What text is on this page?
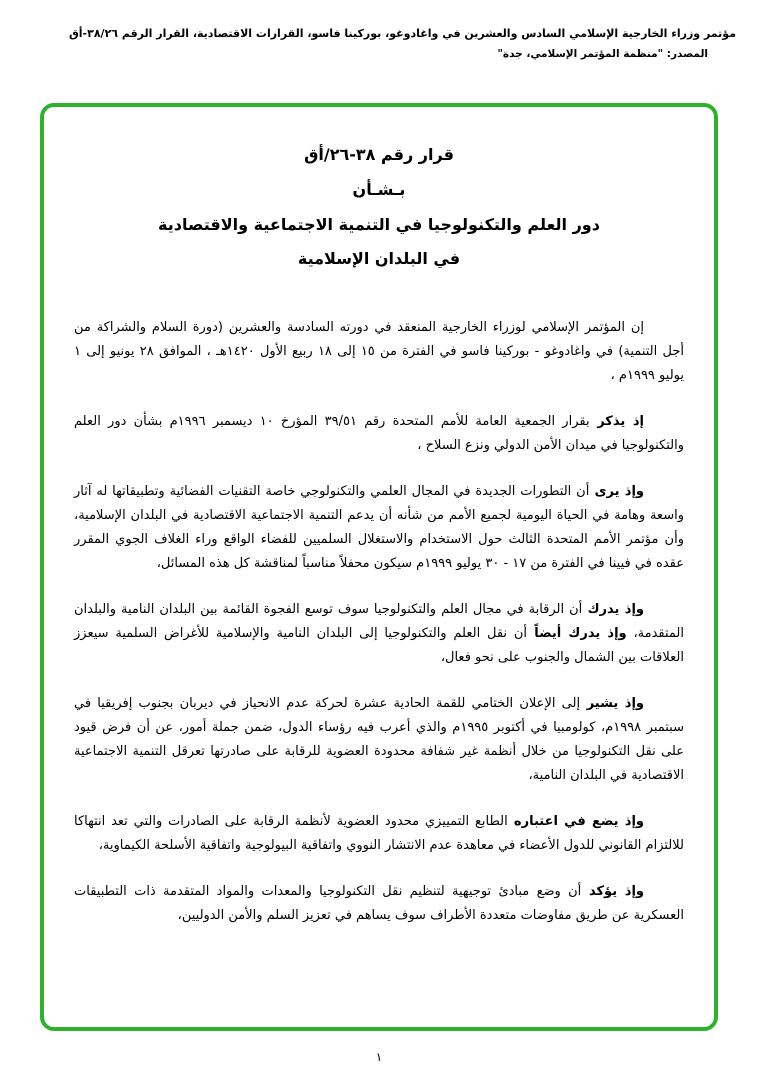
مؤتمر وزراء الخارجية الإسلامي السادس والعشرين في واغادوغو، بوركينا فاسو، القرارات الاقتصادية، القرار الرقم ٣٨/٢٦-أق
المصدر: "منظمة المؤتمر الإسلامي، جدة"
قرار رقم ٣٨-٢٦/أق
بـشـأن
دور العلم والتكنولوجيا في التنمية الاجتماعية والاقتصادية
في البلدان الإسلامية
إن المؤتمر الإسلامي لوزراء الخارجية المنعقد في دورته السادسة والعشرين (دورة السلام والشراكة من أجل التنمية) في واغادوغو - بوركينا فاسو في الفترة من ١٥ إلى ١٨ ربيع الأول ١٤٢٠هـ ، الموافق ٢٨ يونيو إلى ١ يوليو ١٩٩٩م ،
إذ يذكر بقرار الجمعية العامة للأمم المتحدة رقم ٣٩/٥١ المؤرخ ١٠ ديسمبر ١٩٩٦م بشأن دور العلم والتكنولوجيا في ميدان الأمن الدولي ونزع السلاح ،
وإذ يرى أن التطورات الجديدة في المجال العلمي والتكنولوجي خاصة التقنيات الفضائية وتطبيقاتها له آثار واسعة وهامة في الحياة اليومية لجميع الأمم من شأنه أن يدعم التنمية الاجتماعية الاقتصادية في البلدان الإسلامية، وأن مؤتمر الأمم المتحدة الثالث حول الاستخدام والاستغلال السلميين للفضاء الواقع وراء الغلاف الجوي المقرر عقده في فيينا في الفترة من ١٧ - ٣٠ يوليو ١٩٩٩م سيكون محفلاً مناسباً لمناقشة كل هذه المسائل،
وإذ يدرك أن الرقابة في مجال العلم والتكنولوجيا سوف توسع الفجوة القائمة بين البلدان النامية والبلدان المتقدمة، وإذ يدرك أيضاً أن نقل العلم والتكنولوجيا إلى البلدان النامية والإسلامية للأغراض السلمية سيعزز العلاقات بين الشمال والجنوب على نحو فعال،
وإذ يشير إلى الإعلان الختامي للقمة الحادية عشرة لحركة عدم الانحياز في ديربان بجنوب إفريقيا في سبتمبر ١٩٩٨م، كولومبيا في أكتوبر ١٩٩٥م والذي أعرب فيه رؤساء الدول، ضمن جملة أمور، عن أن فرض قيود على نقل التكنولوجيا من خلال أنظمة غير شفافة محدودة العضوية للرقابة على صادرتها تعرقل التنمية الاجتماعية الاقتصادية في البلدان النامية،
وإذ يضع في اعتباره الطابع التمييزي محدود العضوية لأنظمة الرقابة على الصادرات والتي تعد انتهاكا للالتزام القانوني للدول الأعضاء في معاهدة عدم الانتشار النووي واتفاقية البيولوجية واتفاقية الأسلحة الكيماوية،
وإذ يؤكد أن وضع مبادئ توجيهية لتنظيم نقل التكنولوجيا والمعدات والمواد المتقدمة ذات التطبيقات العسكرية عن طريق مفاوضات متعددة الأطراف سوف يساهم في تعزيز السلم والأمن الدوليين،
١
